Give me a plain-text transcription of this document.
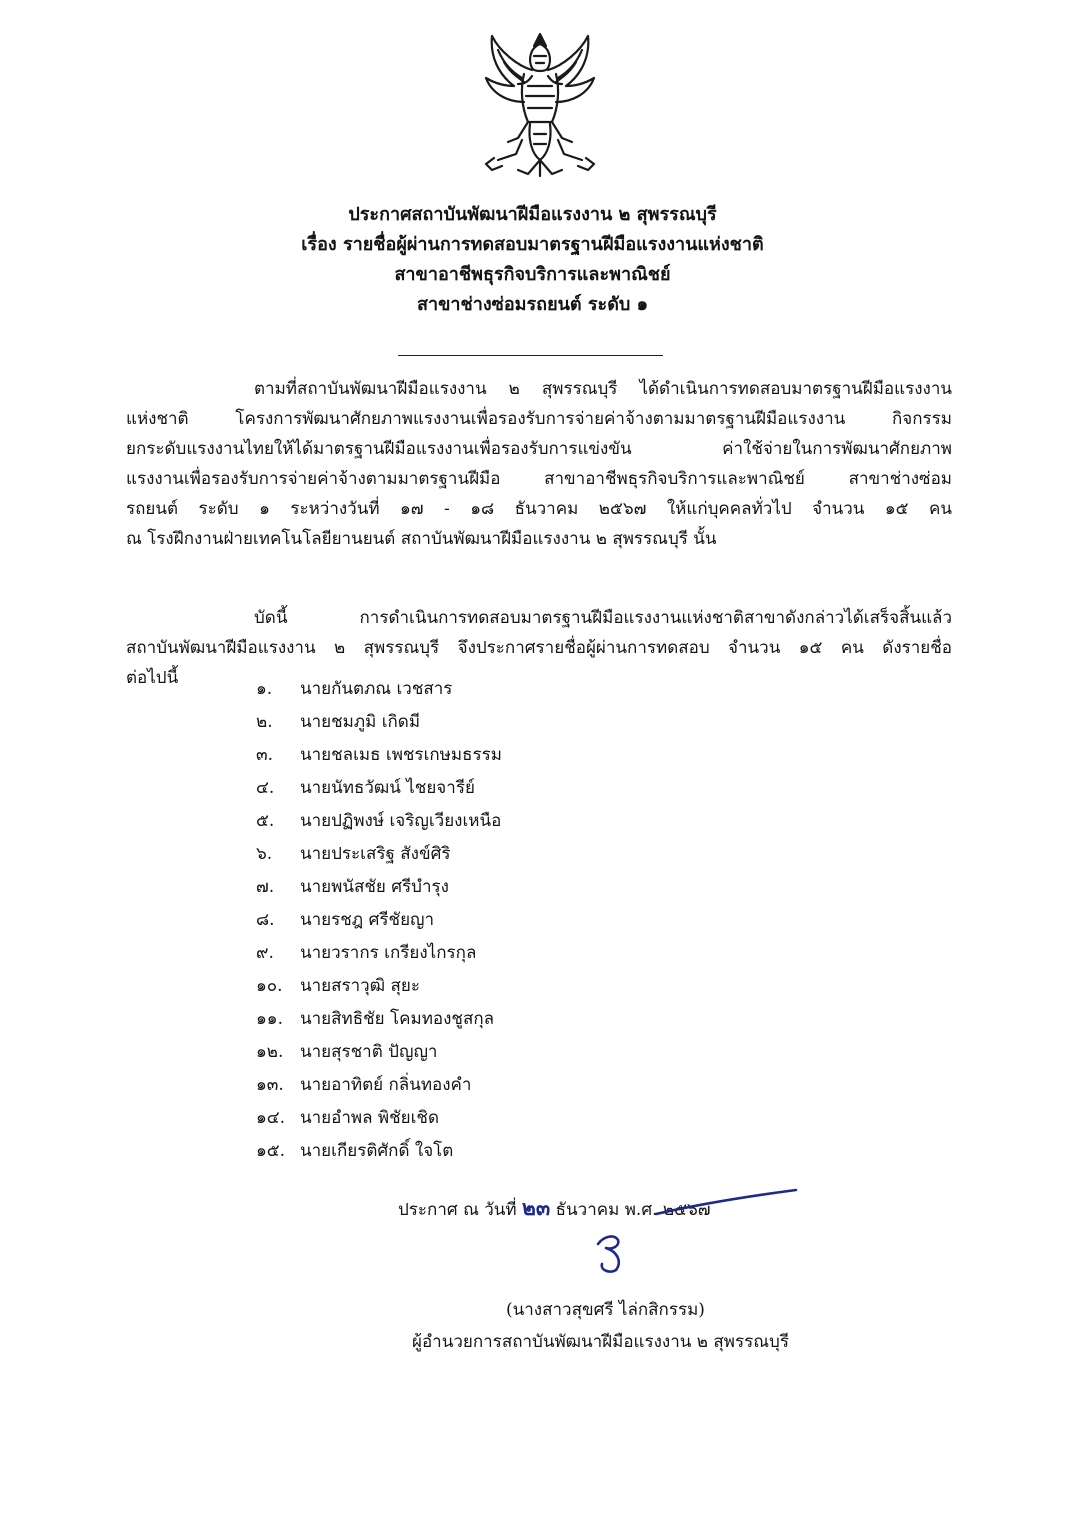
ประกาศสถาบันพัฒนาฝีมือแรงงาน ๒ สุพรรณบุรี
เรื่อง รายชื่อผู้ผ่านการทดสอบมาตรฐานฝีมือแรงงานแห่งชาติ
สาขาอาชีพธุรกิจบริการและพาณิชย์
สาขาช่างซ่อมรถยนต์ ระดับ ๑

ตามที่สถาบันพัฒนาฝีมือแรงงาน ๒ สุพรรณบุรี ได้ดำเนินการทดสอบมาตรฐานฝีมือแรงงาน
แห่งชาติ โครงการพัฒนาศักยภาพแรงงานเพื่อรองรับการจ่ายค่าจ้างตามมาตรฐานฝีมือแรงงาน กิจกรรม
ยกระดับแรงงานไทยให้ได้มาตรฐานฝีมือแรงงานเพื่อรองรับการแข่งขัน ค่าใช้จ่ายในการพัฒนาศักยภาพ
แรงงานเพื่อรองรับการจ่ายค่าจ้างตามมาตรฐานฝีมือ สาขาอาชีพธุรกิจบริการและพาณิชย์ สาขาช่างซ่อม
รถยนต์ ระดับ ๑ ระหว่างวันที่ ๑๗ - ๑๘ ธันวาคม ๒๕๖๗ ให้แก่บุคคลทั่วไป จำนวน ๑๕ คน
ณ โรงฝึกงานฝ่ายเทคโนโลยียานยนต์ สถาบันพัฒนาฝีมือแรงงาน ๒ สุพรรณบุรี นั้น

บัดนี้ การดำเนินการทดสอบมาตรฐานฝีมือแรงงานแห่งชาติสาขาดังกล่าวได้เสร็จสิ้นแล้ว
สถาบันพัฒนาฝีมือแรงงาน ๒ สุพรรณบุรี จึงประกาศรายชื่อผู้ผ่านการทดสอบ จำนวน ๑๕ คน ดังรายชื่อ
ต่อไปนี้

๑. นายกันตภณ เวชสาร
๒. นายชมภูมิ เกิดมี
๓. นายชลเมธ เพชรเกษมธรรม
๔. นายนัทธวัฒน์ ไชยจารีย์
๕. นายปฏิพงษ์ เจริญเวียงเหนือ
๖. นายประเสริฐ สังข์ศิริ
๗. นายพนัสชัย ศรีบำรุง
๘. นายรชฎ ศรีชัยญา
๙. นายวรากร เกรียงไกรกุล
๑๐. นายสราวุฒิ สุยะ
๑๑. นายสิทธิชัย โคมทองชูสกุล
๑๒. นายสุรชาติ ปัญญา
๑๓. นายอาทิตย์ กลิ่นทองคำ
๑๔. นายอำพล พิชัยเชิด
๑๕. นายเกียรติศักดิ์ ใจโต
ประกาศ ณ วันที่ ๒๓ ธันวาคม พ.ศ. ๒๕๖๗
(นางสาวสุขศรี ไล่กสิกรรม)
ผู้อำนวยการสถาบันพัฒนาฝีมือแรงงาน ๒ สุพรรณบุรี
